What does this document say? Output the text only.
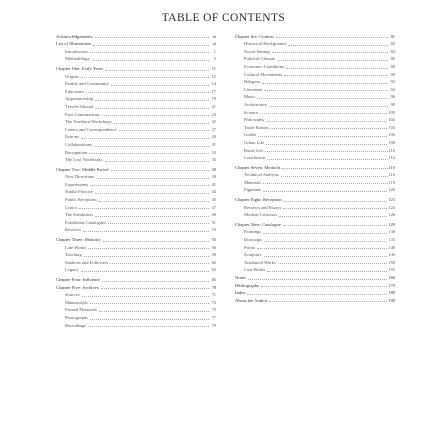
TABLE OF CONTENTS
Acknowledgements	ix
List of Illustrations	xi
Introduction	1
Methodology	5
Chapter One: Early Years	11
Origins	12
Family and Community	14
Education	17
Apprenticeship	19
Travels Abroad	21
First Commissions	23
The Northern Workshops	25
Letters and Correspondence	27
Patrons	29
Collaborations	31
Recognition	33
The Lost Notebooks	35
Chapter Two: Middle Period	38
New Directions	39
Experiments	41
Studio Practice	43
Public Reception	45
Critics	47
The Exhibition	49
Exhibition Catalogues	51
Reviews	53
Chapter Three: Maturity	55
Late Works	56
Teaching	58
Students and Followers	60
Legacy	62
Chapter Four: Influence	65
Chapter Five: Archives	70
Sources	71
Manuscripts	73
Printed Materials	75
Photographs	77
Recordings	79
Chapter Six: Context	81
Historical Background	82
Social Setting	84
Political Climate	86
Economic Conditions	88
Cultural Movements	90
Religion	92
Literature	94
Music	96
Architecture	98
Science	100
Philosophy	102
Trade Routes	104
Guilds	106
Urban Life	108
Rural Life	110
Conclusion	112
Chapter Seven: Methods	115
Technical Analysis	116
Materials	118
Pigments	120
Chapter Eight: Reception	123
Reviews and Essays	124
Modern Criticism	126
Chapter Nine: Catalogue	129
Paintings	130
Drawings	135
Prints	140
Sculpture	145
Attributed Works	150
Lost Works	155
Notes	160
Bibliography	170
Index	180
About the Author	190
